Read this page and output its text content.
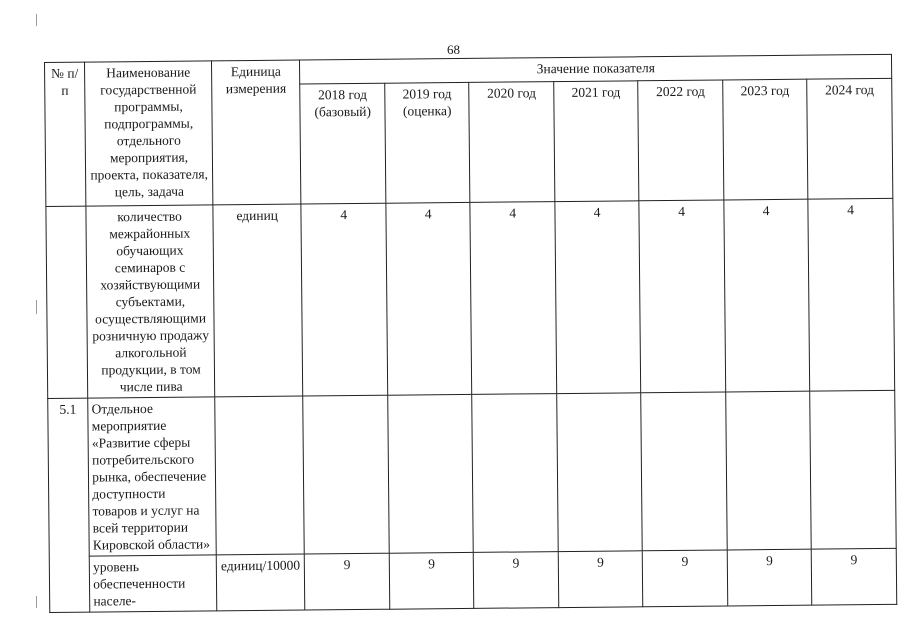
68
№ п/п	Наименование государственной программы, подпрограммы, отдельного мероприятия, проекта, показателя, цель, задача	Единица измерения	Значение показателя						
			2018 год (базовый)	2019 год (оценка)	2020 год	2021 год	2022 год	2023 год	2024 год
	количество межрайонных обучающих семинаров с хозяйствующими субъектами, осуществляющими розничную продажу алкогольной продукции, в том числе пива	единиц	4	4	4	4	4	4	4
5.1	Отдельное мероприятие «Развитие сферы потребительского рынка, обеспечение доступности товаров и услуг на всей территории Кировской области»								
	уровень обеспеченности населе-	единиц/10000	9	9	9	9	9	9	9
